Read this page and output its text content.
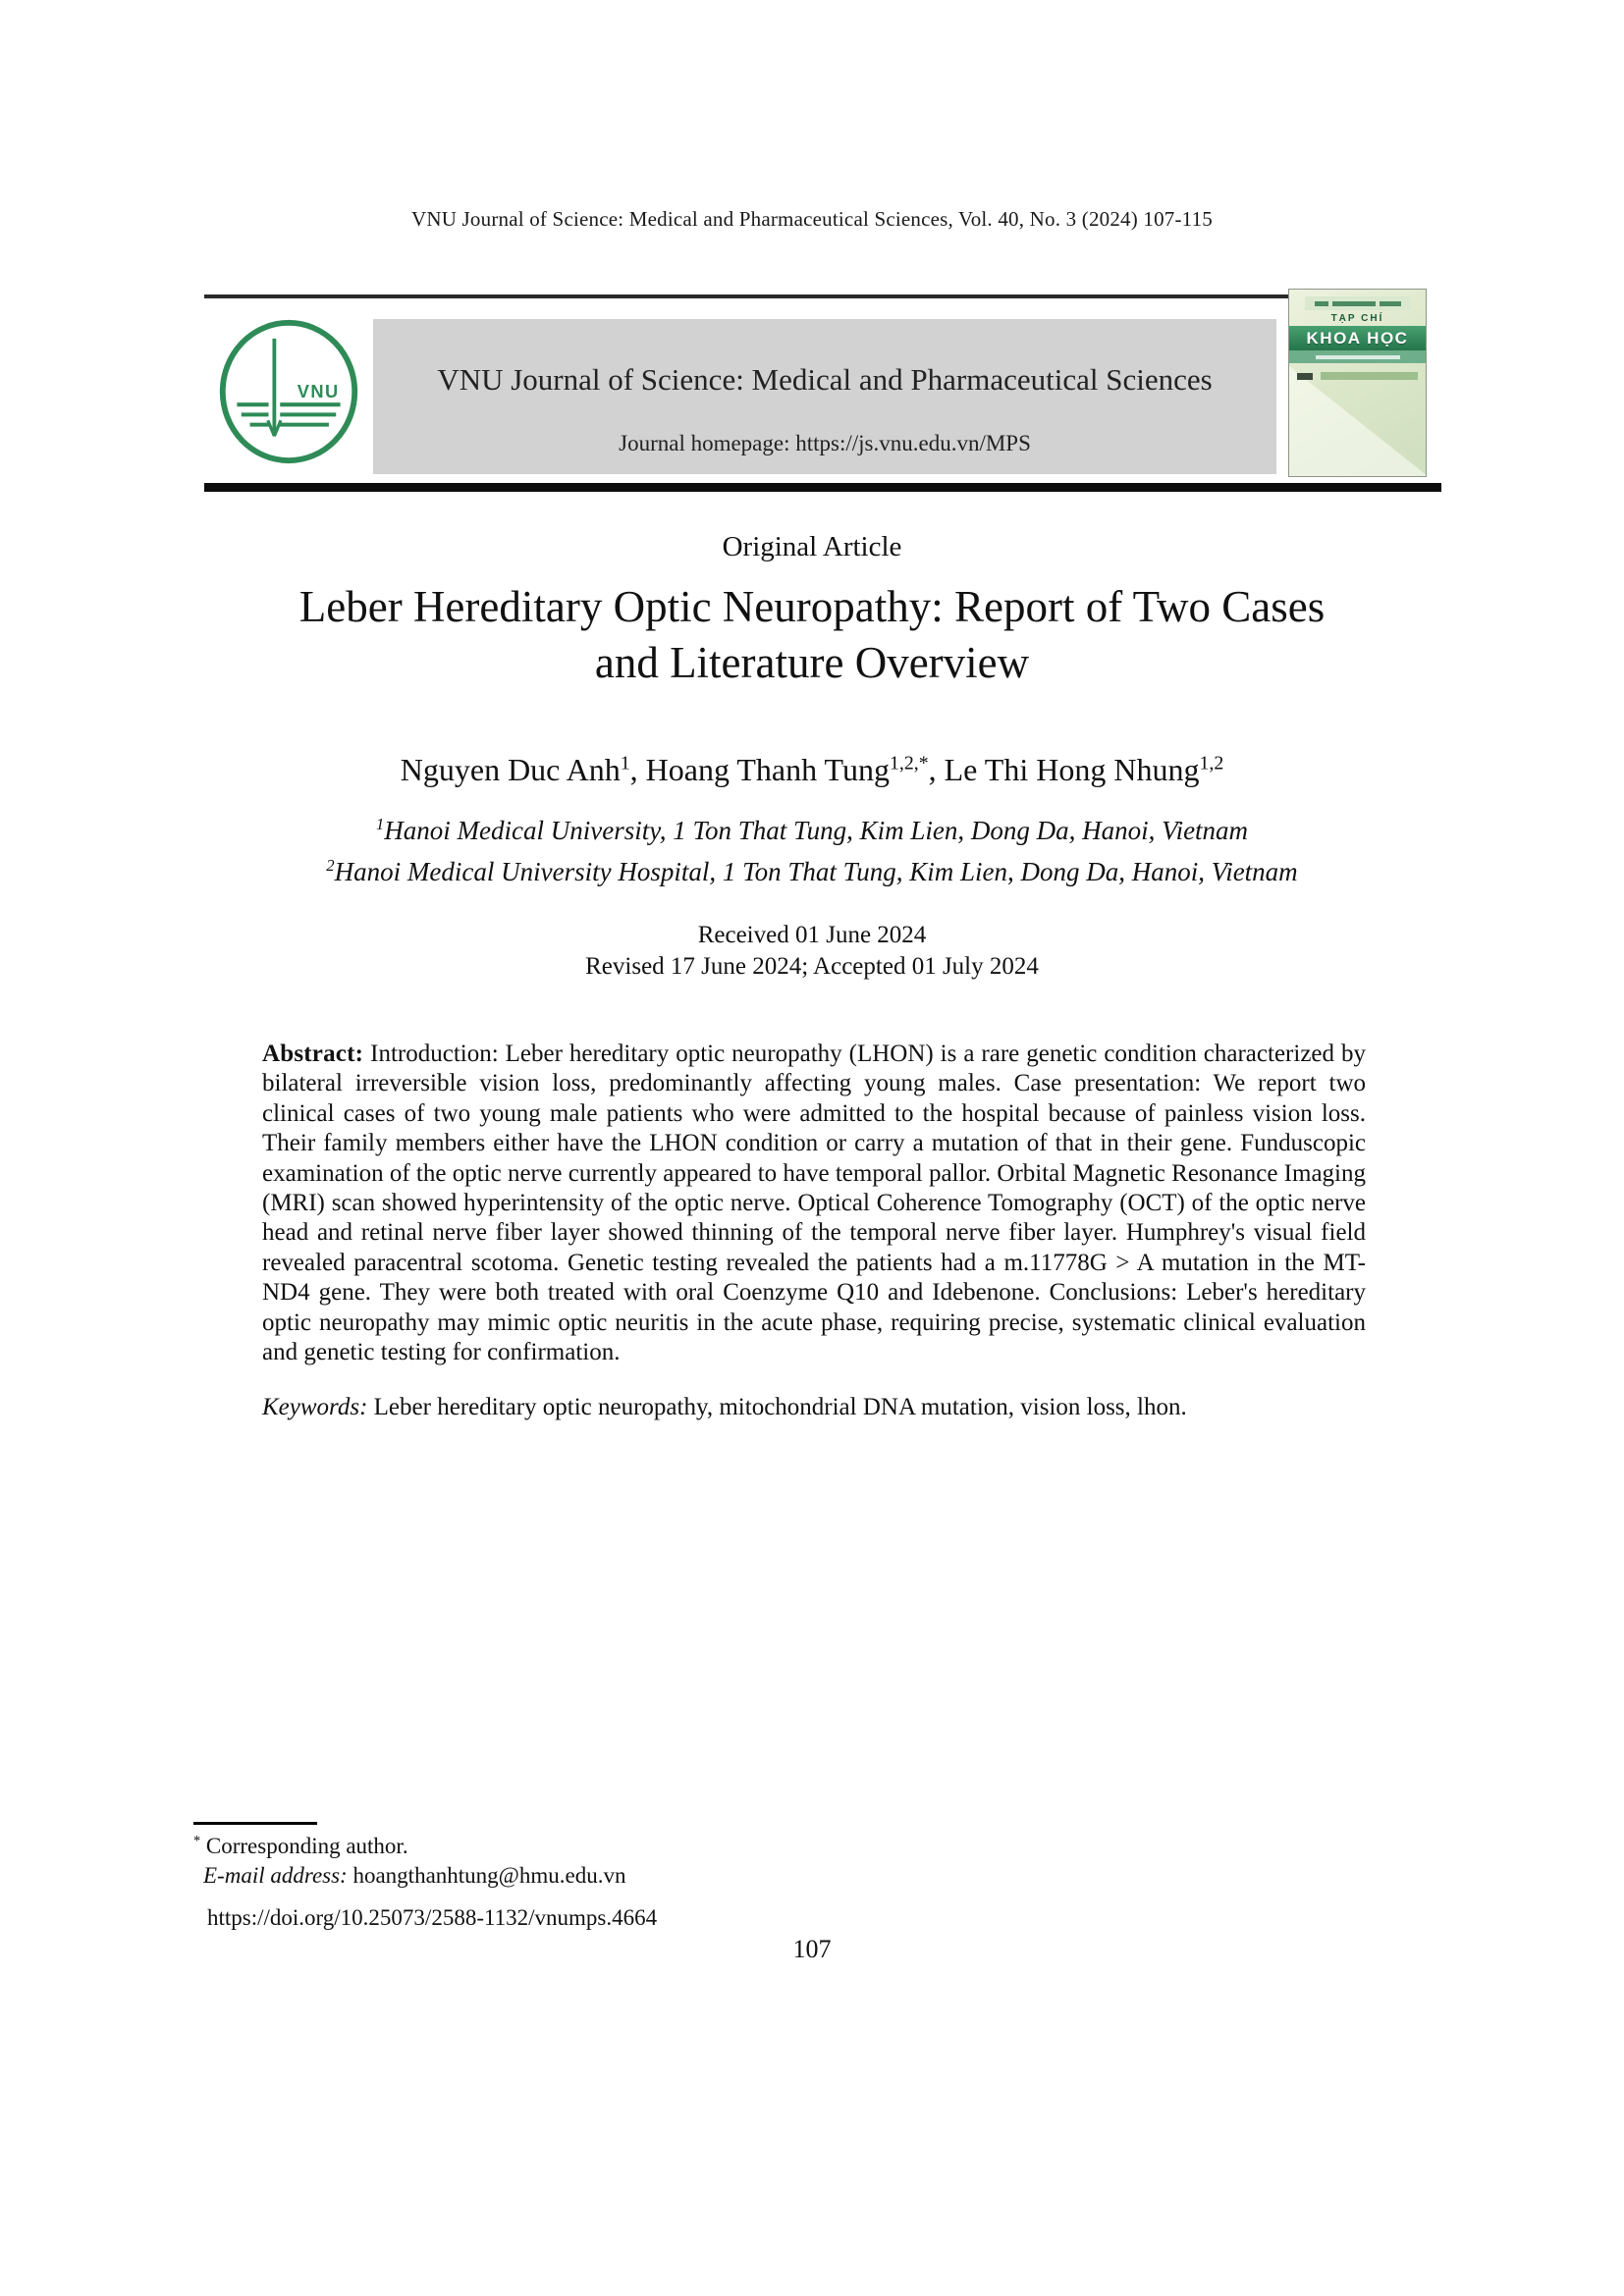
VNU Journal of Science: Medical and Pharmaceutical Sciences, Vol. 40, No. 3 (2024) 107-115
VNU	VNU Journal of Science: Medical and Pharmaceutical Sciences
Journal homepage: https://js.vnu.edu.vn/MPS
TẠP CHÍ
KHOA HỌC
Original Article
Leber Hereditary Optic Neuropathy: Report of Two Cases
and Literature Overview
Nguyen Duc Anh$^1$, Hoang Thanh Tung$^{1,2,*}$, Le Thi Hong Nhung$^{1,2}$
$^1$Hanoi Medical University, 1 Ton That Tung, Kim Lien, Dong Da, Hanoi, Vietnam
$^2$Hanoi Medical University Hospital, 1 Ton That Tung, Kim Lien, Dong Da, Hanoi, Vietnam
Received 01 June 2024
Revised 17 June 2024; Accepted 01 July 2024

Abstract: Introduction: Leber hereditary optic neuropathy (LHON) is a rare genetic condition characterized by bilateral irreversible vision loss, predominantly affecting young males. Case presentation: We report two clinical cases of two young male patients who were admitted to the hospital because of painless vision loss. Their family members either have the LHON condition or carry a mutation of that in their gene. Funduscopic examination of the optic nerve currently appeared to have temporal pallor. Orbital Magnetic Resonance Imaging (MRI) scan showed hyperintensity of the optic nerve. Optical Coherence Tomography (OCT) of the optic nerve head and retinal nerve fiber layer showed thinning of the temporal nerve fiber layer. Humphrey's visual field revealed paracentral scotoma. Genetic testing revealed the patients had a m.11778G > A mutation in the MT-ND4 gene. They were both treated with oral Coenzyme Q10 and Idebenone. Conclusions: Leber's hereditary optic neuropathy may mimic optic neuritis in the acute phase, requiring precise, systematic clinical evaluation and genetic testing for confirmation.

Keywords: Leber hereditary optic neuropathy, mitochondrial DNA mutation, vision loss, lhon.

* Corresponding author.
E-mail address: hoangthanhtung@hmu.edu.vn
https://doi.org/10.25073/2588-1132/vnumps.4664
107
